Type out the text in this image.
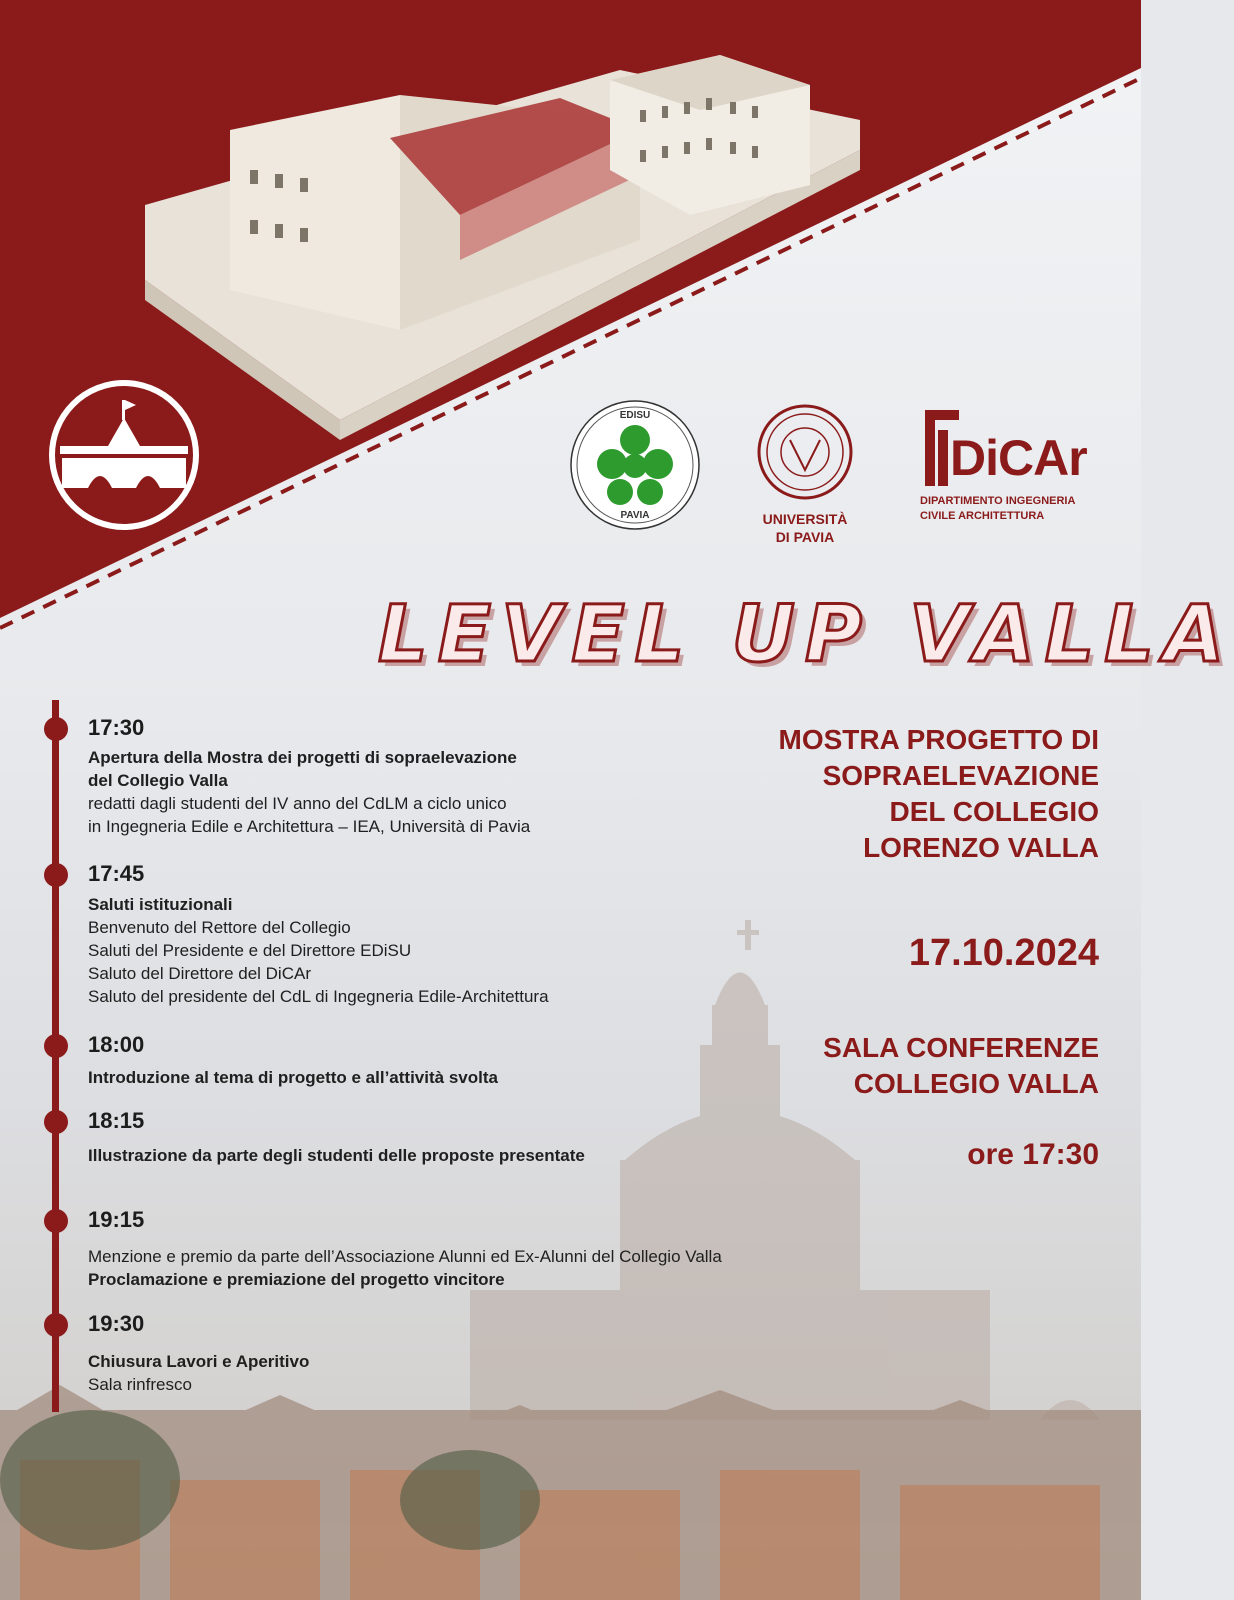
EDISU
PAVIA	UNIVERSITÀ
DI PAVIA
DiCAr
DIPARTIMENTO INGEGNERIA
CIVILE ARCHITETTURA
LEVEL UP VALLA
MOSTRA PROGETTO DI
SOPRAELEVAZIONE
DEL COLLEGIO
LORENZO VALLA
17.10.2024
SALA CONFERENZE
COLLEGIO VALLA
ore 17:30
17:30
Apertura della Mostra dei progetti di sopraelevazione
del Collegio Valla
redatti dagli studenti del IV anno del CdLM a ciclo unico
in Ingegneria Edile e Architettura – IEA, Università di Pavia
17:45
Saluti istituzionali
Benvenuto del Rettore del Collegio
Saluti del Presidente e del Direttore EDiSU
Saluto del Direttore del DiCAr
Saluto del presidente del CdL di Ingegneria Edile-Architettura
18:00
Introduzione al tema di progetto e all’attività svolta
18:15
Illustrazione da parte degli studenti delle proposte presentate
19:15
Menzione e premio da parte dell’Associazione Alunni ed Ex-Alunni del Collegio Valla
Proclamazione e premiazione del progetto vincitore
19:30
Chiusura Lavori e Aperitivo
Sala rinfresco
